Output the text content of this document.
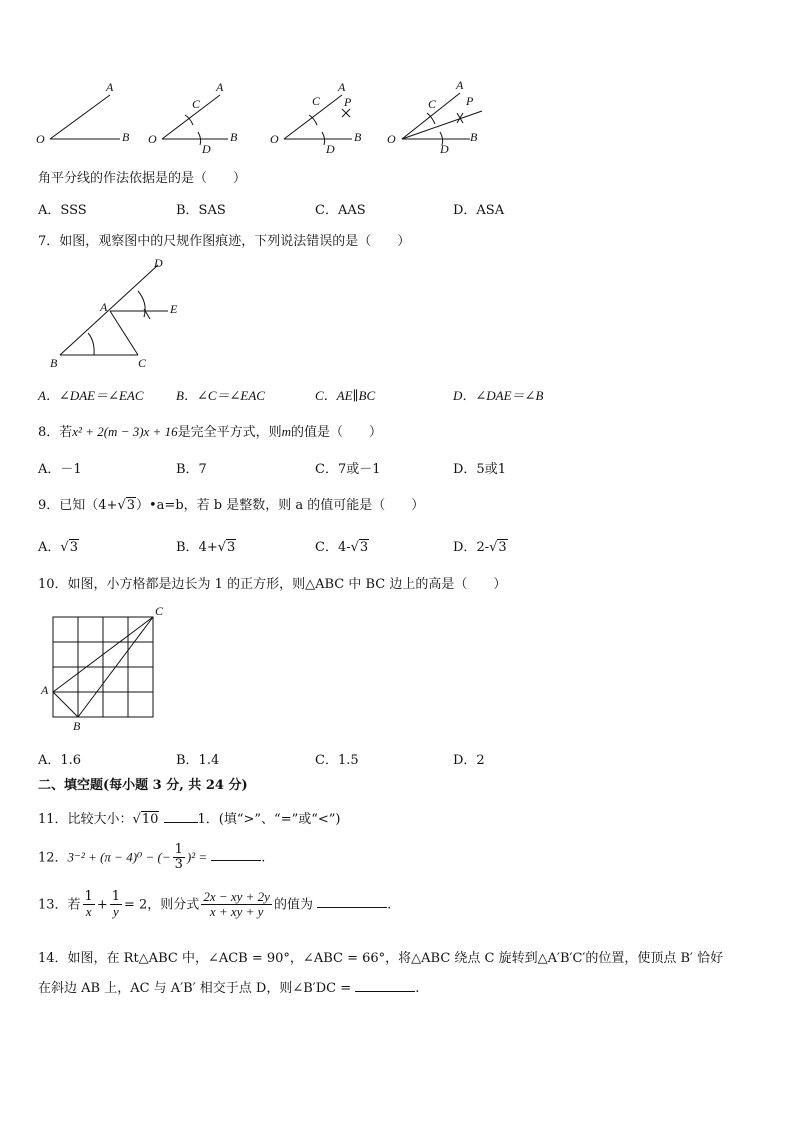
A
O	B
A
C
O
D
B
A
C P
O
D
B
A
C P
O
D
B
角平分线的作法依据是的是（　　）
A．SSS	B．SAS	C．AAS	D．ASA
7．如图，观察图中的尺规作图痕迹，下列说法错误的是（　　）
D
A	E
B	C
A．∠DAE＝∠EAC B．∠C＝∠EAC	C．AE∥BC	D．∠DAE＝∠B
8．若x² + 2(m − 3)x + 16是完全平方式，则m的值是（　　）
A．－1	B．7	C．7或－1	D．5或1
9．已知（4+√3）•a=b，若 b 是整数，则 a 的值可能是（　　）
A．√3	B．4+√3	C．4-√3	D．2-√3
10．如图，小方格都是边长为 1 的正方形，则△ABC 中 BC 边上的高是（　　）
C
A
B
A．1.6	B．1.4	C．1.5	D．2
二、填空题(每小题 3 分, 共 24 分)
11．比较大小：√10	1．(填“>”、“=”或“<”)
12．3⁻² + (π − 4)⁰ − (− $\frac{1}{3} )^2$ =	.
13．若 $\frac{1}{x} + \frac{1}{y} = 2$，则分式 $\frac{2x - xy + 2y}{x + xy + y}$ 的值为	.
14．如图，在 Rt△ABC 中，∠ACB = 90°，∠ABC = 66°，将△ABC 绕点 C 旋转到△A′B′C′的位置，使顶点 B′ 恰好
在斜边 AB 上，AC 与 A′B′ 相交于点 D，则∠B′DC =	.
